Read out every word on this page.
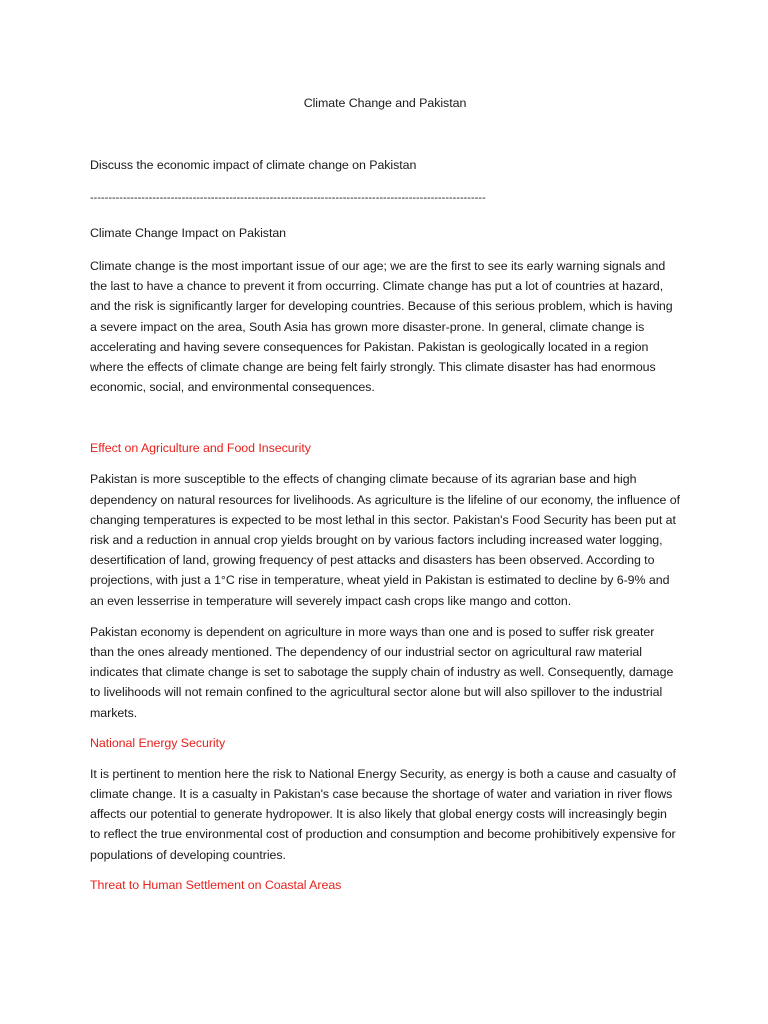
Climate Change and Pakistan
Discuss the economic impact of climate change on Pakistan
------------------------------------------------------------------------------------------------------------
Climate Change Impact on Pakistan

Climate change is the most important issue of our age; we are the first to see its early warning signals and the last to have a chance to prevent it from occurring. Climate change has put a lot of countries at hazard, and the risk is significantly larger for developing countries. Because of this serious problem, which is having a severe impact on the area, South Asia has grown more disaster-prone. In general, climate change is accelerating and having severe consequences for Pakistan. Pakistan is geologically located in a region where the effects of climate change are being felt fairly strongly. This climate disaster has had enormous economic, social, and environmental consequences.

Effect on Agriculture and Food Insecurity

Pakistan is more susceptible to the effects of changing climate because of its agrarian base and high dependency on natural resources for livelihoods. As agriculture is the lifeline of our economy, the influence of changing temperatures is expected to be most lethal in this sector. Pakistan's Food Security has been put at risk and a reduction in annual crop yields brought on by various factors including increased water logging, desertification of land, growing frequency of pest attacks and disasters has been observed. According to projections, with just a 1°C rise in temperature, wheat yield in Pakistan is estimated to decline by 6-9% and an even lesserrise in temperature will severely impact cash crops like mango and cotton.

Pakistan economy is dependent on agriculture in more ways than one and is posed to suffer risk greater than the ones already mentioned. The dependency of our industrial sector on agricultural raw material indicates that climate change is set to sabotage the supply chain of industry as well. Consequently, damage to livelihoods will not remain confined to the agricultural sector alone but will also spillover to the industrial markets.

National Energy Security

It is pertinent to mention here the risk to National Energy Security, as energy is both a cause and casualty of climate change. It is a casualty in Pakistan's case because the shortage of water and variation in river flows affects our potential to generate hydropower. It is also likely that global energy costs will increasingly begin to reflect the true environmental cost of production and consumption and become prohibitively expensive for populations of developing countries.

Threat to Human Settlement on Coastal Areas
